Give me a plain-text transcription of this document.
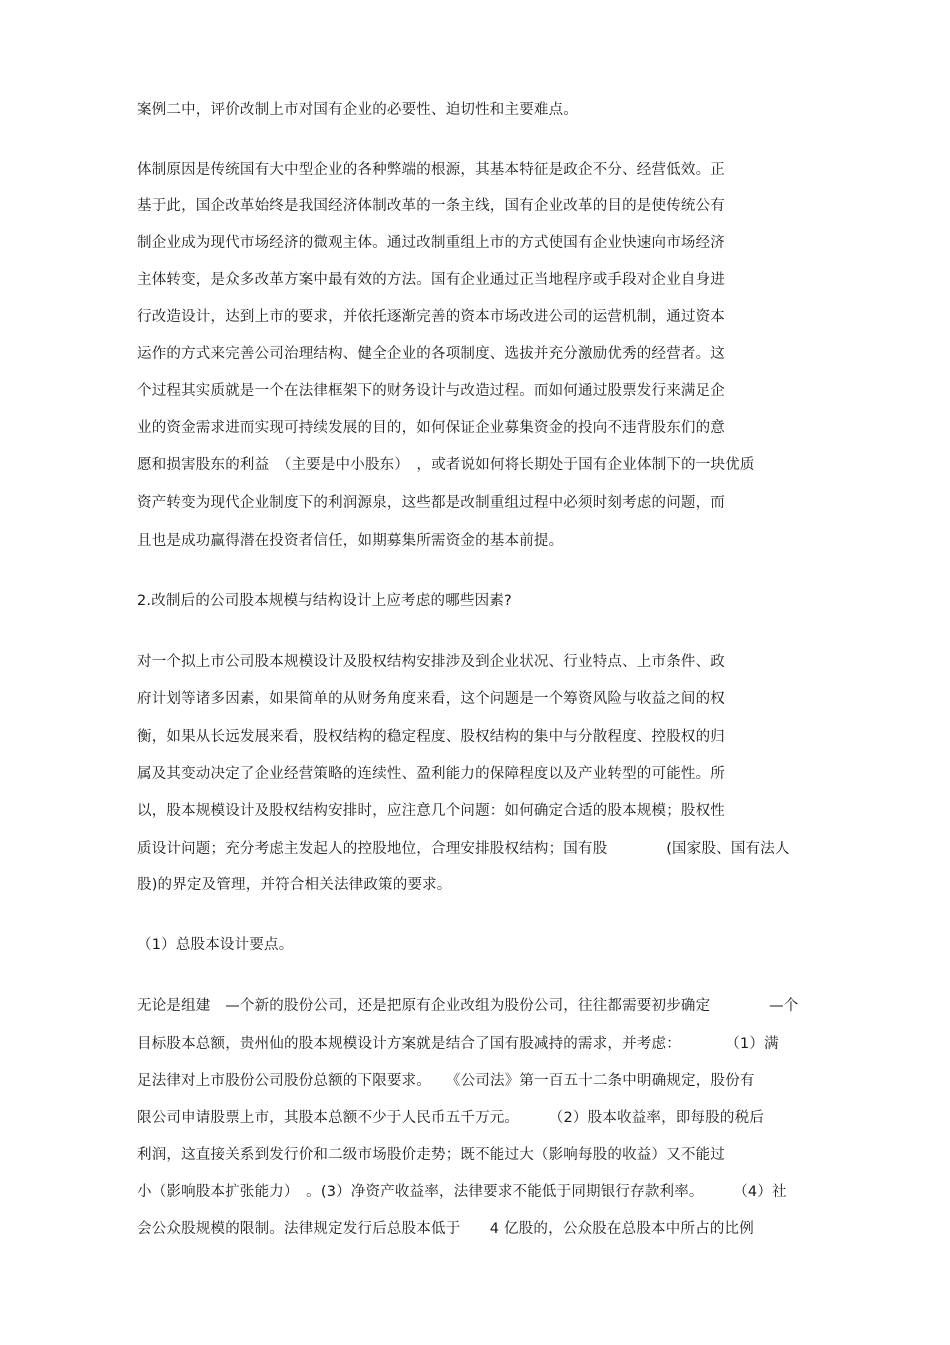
案例二中，评价改制上市对国有企业的必要性、迫切性和主要难点。
体制原因是传统国有大中型企业的各种弊端的根源，其基本特征是政企不分、经营低效。正
基于此，国企改革始终是我国经济体制改革的一条主线，国有企业改革的目的是使传统公有
制企业成为现代市场经济的微观主体。通过改制重组上市的方式使国有企业快速向市场经济
主体转变，是众多改革方案中最有效的方法。国有企业通过正当地程序或手段对企业自身进
行改造设计，达到上市的要求，并依托逐渐完善的资本市场改进公司的运营机制，通过资本
运作的方式来完善公司治理结构、健全企业的各项制度、选拔并充分激励优秀的经营者。这
个过程其实质就是一个在法律框架下的财务设计与改造过程。而如何通过股票发行来满足企
业的资金需求进而实现可持续发展的目的，如何保证企业募集资金的投向不违背股东们的意
愿和损害股东的利益　（主要是中小股东）　，或者说如何将长期处于国有企业体制下的一块优质
资产转变为现代企业制度下的利润源泉，这些都是改制重组过程中必须时刻考虑的问题，而
且也是成功赢得潜在投资者信任，如期募集所需资金的基本前提。
2.改制后的公司股本规模与结构设计上应考虑的哪些因素?
对一个拟上市公司股本规模设计及股权结构安排涉及到企业状况、行业特点、上市条件、政
府计划等诸多因素，如果简单的从财务角度来看，这个问题是一个筹资风险与收益之间的权
衡，如果从长远发展来看，股权结构的稳定程度、股权结构的集中与分散程度、控股权的归
属及其变动决定了企业经营策略的连续性、盈利能力的保障程度以及产业转型的可能性。所
以，股本规模设计及股权结构安排时，应注意几个问题：如何确定合适的股本规模；股权性
质设计问题；充分考虑主发起人的控股地位，合理安排股权结构；国有股　　　　(国家股、国有法人
股)的界定及管理，并符合相关法律政策的要求。
（1）总股本设计要点。
无论是组建　—个新的股份公司，还是把原有企业改组为股份公司，往往都需要初步确定　　　　—个
目标股本总额，贵州仙的股本规模设计方案就是结合了国有股减持的需求，并考虑：　　　　（1）满
足法律对上市股份公司股份总额的下限要求。　　《公司法》第一百五十二条中明确规定，股份有
限公司申请股票上市，其股本总额不少于人民币五千万元。　　　（2）股本收益率，即每股的税后
利润，这直接关系到发行价和二级市场股价走势；既不能过大（影响每股的收益）又不能过
小（影响股本扩张能力）　。(3）净资产收益率，法律要求不能低于同期银行存款利率。　　　（4）社
会公众股规模的限制。法律规定发行后总股本低于　　4 亿股的，公众股在总股本中所占的比例
